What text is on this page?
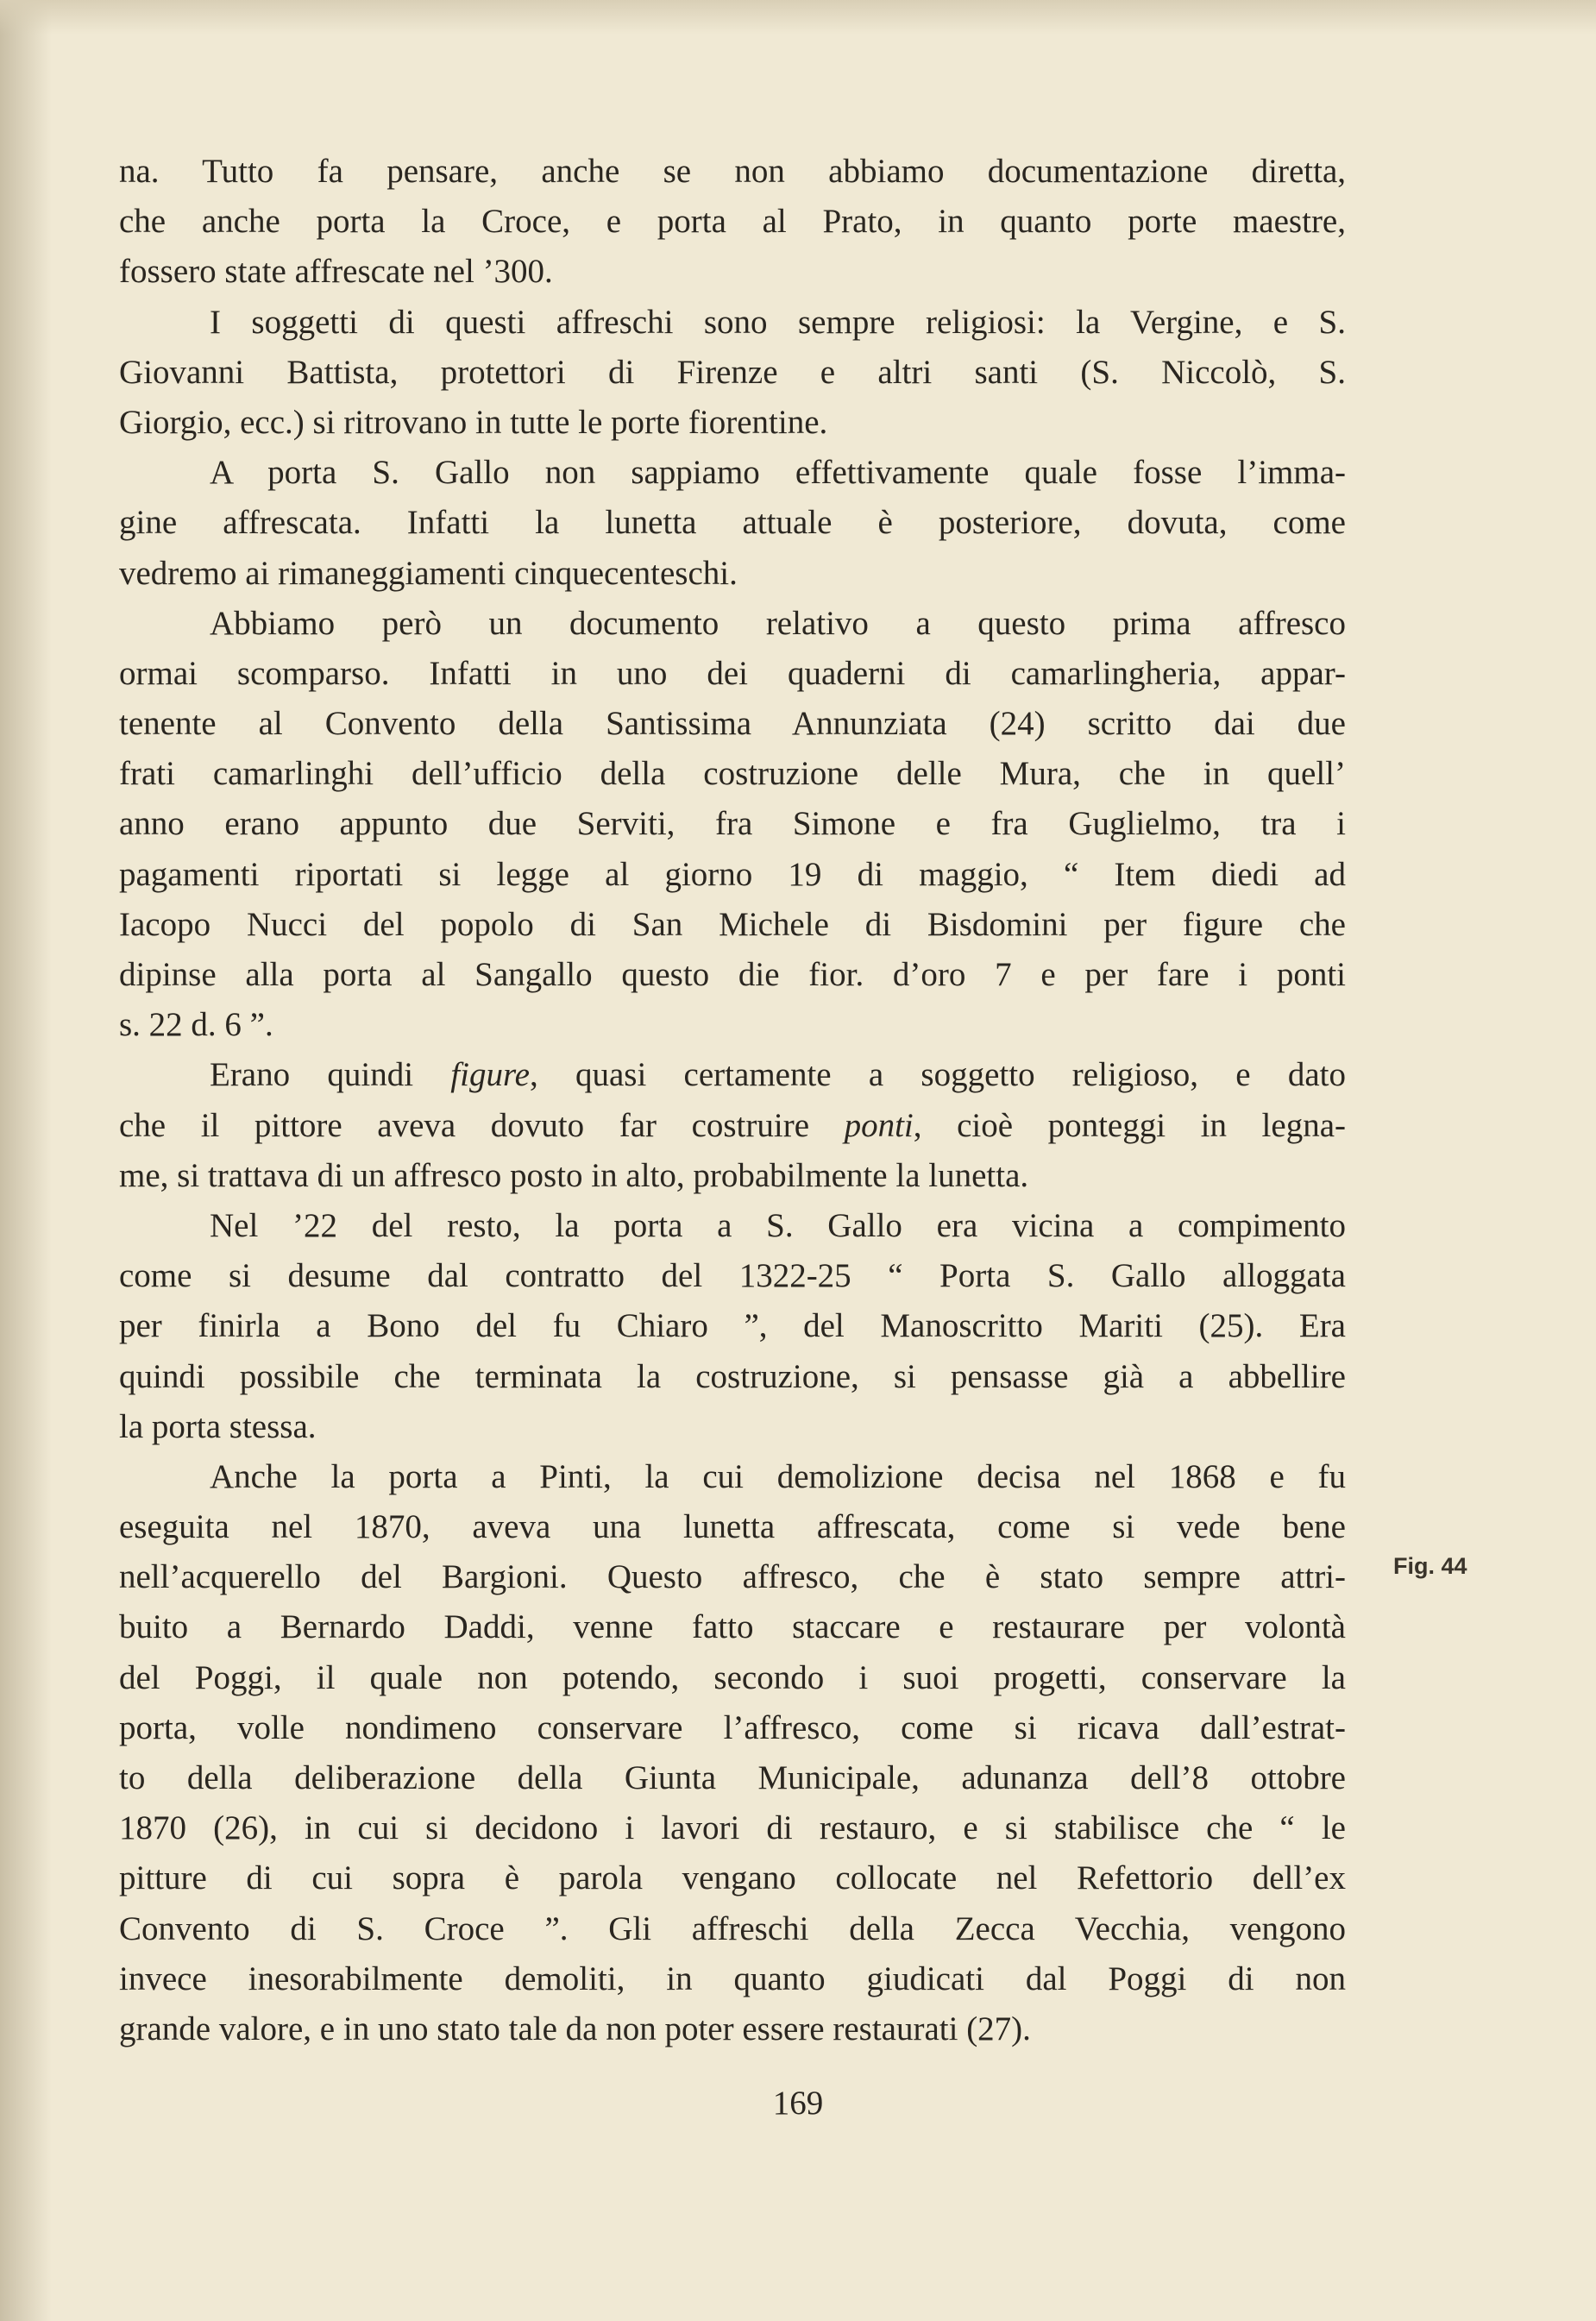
na. Tutto fa pensare, anche se non abbiamo documentazione diretta,
che anche porta la Croce, e porta al Prato, in quanto porte maestre,
fossero state affrescate nel ’300.
I soggetti di questi affreschi sono sempre religiosi: la Vergine, e S.
Giovanni Battista, protettori di Firenze e altri santi (S. Niccolò, S.
Giorgio, ecc.) si ritrovano in tutte le porte fiorentine.
A porta S. Gallo non sappiamo effettivamente quale fosse l’imma-
gine affrescata. Infatti la lunetta attuale è posteriore, dovuta, come
vedremo ai rimaneggiamenti cinquecenteschi.
Abbiamo però un documento relativo a questo prima affresco
ormai scomparso. Infatti in uno dei quaderni di camarlingheria, appar-
tenente al Convento della Santissima Annunziata (24) scritto dai due
frati camarlinghi dell’ufficio della costruzione delle Mura, che in quell’
anno erano appunto due Serviti, fra Simone e fra Guglielmo, tra i
pagamenti riportati si legge al giorno 19 di maggio, “ Item diedi ad
Iacopo Nucci del popolo di San Michele di Bisdomini per figure che
dipinse alla porta al Sangallo questo die fior. d’oro 7 e per fare i ponti
s. 22 d. 6 ”.
Erano quindi figure, quasi certamente a soggetto religioso, e dato
che il pittore aveva dovuto far costruire ponti, cioè ponteggi in legna-
me, si trattava di un affresco posto in alto, probabilmente la lunetta.
Nel ’22 del resto, la porta a S. Gallo era vicina a compimento
come si desume dal contratto del 1322-25 “ Porta S. Gallo alloggata
per finirla a Bono del fu Chiaro ”, del Manoscritto Mariti (25). Era
quindi possibile che terminata la costruzione, si pensasse già a abbellire
la porta stessa.
Anche la porta a Pinti, la cui demolizione decisa nel 1868 e fu
eseguita nel 1870, aveva una lunetta affrescata, come si vede bene
nell’acquerello del Bargioni. Questo affresco, che è stato sempre attri-
buito a Bernardo Daddi, venne fatto staccare e restaurare per volontà
del Poggi, il quale non potendo, secondo i suoi progetti, conservare la
porta, volle nondimeno conservare l’affresco, come si ricava dall’estrat-
to della deliberazione della Giunta Municipale, adunanza dell’8 ottobre
1870 (26), in cui si decidono i lavori di restauro, e si stabilisce che “ le
pitture di cui sopra è parola vengano collocate nel Refettorio dell’ex
Convento di S. Croce ”. Gli affreschi della Zecca Vecchia, vengono
invece inesorabilmente demoliti, in quanto giudicati dal Poggi di non
grande valore, e in uno stato tale da non poter essere restaurati (27).
Fig. 44
169
